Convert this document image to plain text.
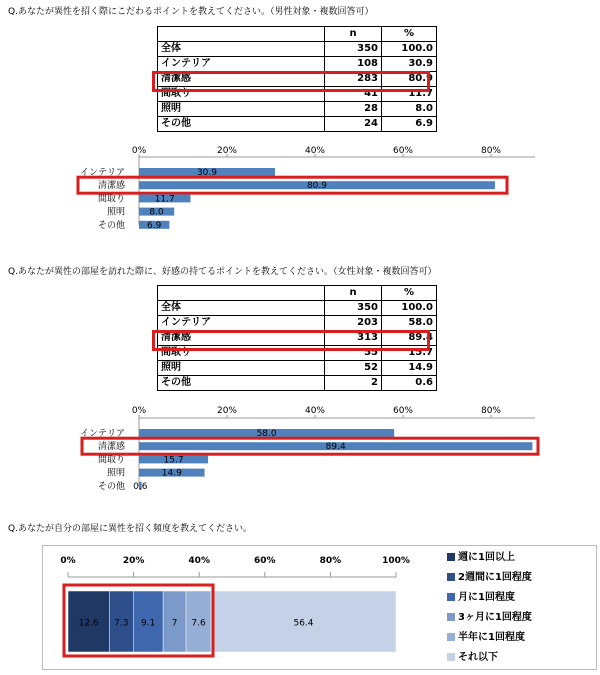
Q.あなたが異性を招く際にこだわるポイントを教えてください。（男性対象・複数回答可）
Q.あなたが異性の部屋を訪れた際に、好感の持てるポイントを教えてください。（女性対象・複数回答可）
Q.あなたが自分の部屋に異性を招く頻度を教えてください。
	n	%
全体	350	100.0
インテリア	108	30.9
清潔感	283	80.9
間取り	41	11.7
照明	28	8.0
その他	24	6.9
	n	%
全体	350	100.0
インテリア	203	58.0
清潔感	313	89.4
間取り	55	15.7
照明	52	14.9
その他	2	0.6
0%	20%	40%	60%	80%
インテリア	30.9
清潔感	80.9
間取り	11.7
照明	8.0
その他 6.9
0%	20%	40%	60%	80%
インテリア	58.0
清潔感	89.4
間取り	15.7
照明	14.9
その他 0.6
0%	20%	40%	60%	80%	100%
12.6 7.3 9.1 7 7.6	56.4
週に1回以上
2週間に1回程度
月に1回程度
3ヶ月に1回程度
半年に1回程度
それ以下
